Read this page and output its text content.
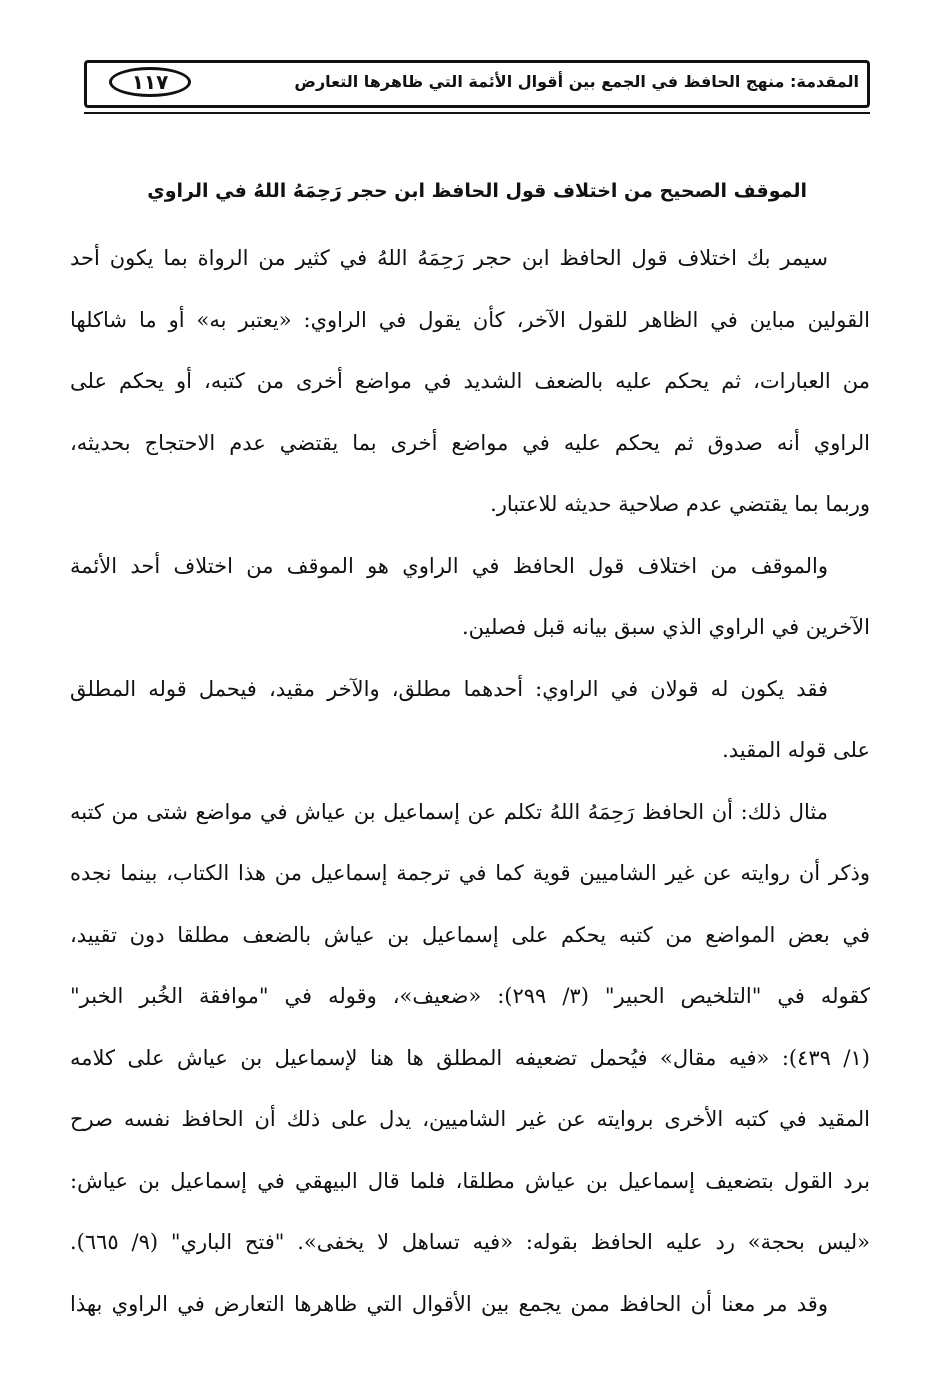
المقدمة: منهج الحافظ في الجمع بين أقوال الأئمة التي ظاهرها التعارض
١١٧
الموقف الصحيح من اختلاف قول الحافظ ابن حجر رَحِمَهُ اللهُ في الراوي
سيمر بك اختلاف قول الحافظ ابن حجر رَحِمَهُ اللهُ في كثير من الرواة بما يكون أحد
القولين مباين في الظاهر للقول الآخر، كأن يقول في الراوي: «يعتبر به» أو ما شاكلها
من العبارات، ثم يحكم عليه بالضعف الشديد في مواضع أخرى من كتبه، أو يحكم على
الراوي أنه صدوق ثم يحكم عليه في مواضع أخرى بما يقتضي عدم الاحتجاج بحديثه،
وربما بما يقتضي عدم صلاحية حديثه للاعتبار.
والموقف من اختلاف قول الحافظ في الراوي هو الموقف من اختلاف أحد الأئمة
الآخرين في الراوي الذي سبق بيانه قبل فصلين.
فقد يكون له قولان في الراوي: أحدهما مطلق، والآخر مقيد، فيحمل قوله المطلق
على قوله المقيد.
مثال ذلك: أن الحافظ رَحِمَهُ اللهُ تكلم عن إسماعيل بن عياش في مواضع شتى من كتبه
وذكر أن روايته عن غير الشاميين قوية كما في ترجمة إسماعيل من هذا الكتاب، بينما نجده
في بعض المواضع من كتبه يحكم على إسماعيل بن عياش بالضعف مطلقا دون تقييد،
كقوله في "التلخيص الحبير" (٣/ ٢٩٩): «ضعيف»، وقوله في "موافقة الخُبر الخبر"
(١/ ٤٣٩): «فيه مقال» فيُحمل تضعيفه المطلق ها هنا لإسماعيل بن عياش على كلامه
المقيد في كتبه الأخرى بروايته عن غير الشاميين، يدل على ذلك أن الحافظ نفسه صرح
برد القول بتضعيف إسماعيل بن عياش مطلقا، فلما قال البيهقي في إسماعيل بن عياش:
«ليس بحجة» رد عليه الحافظ بقوله: «فيه تساهل لا يخفى». "فتح الباري" (٩/ ٦٦٥).
وقد مر معنا أن الحافظ ممن يجمع بين الأقوال التي ظاهرها التعارض في الراوي بهذا
